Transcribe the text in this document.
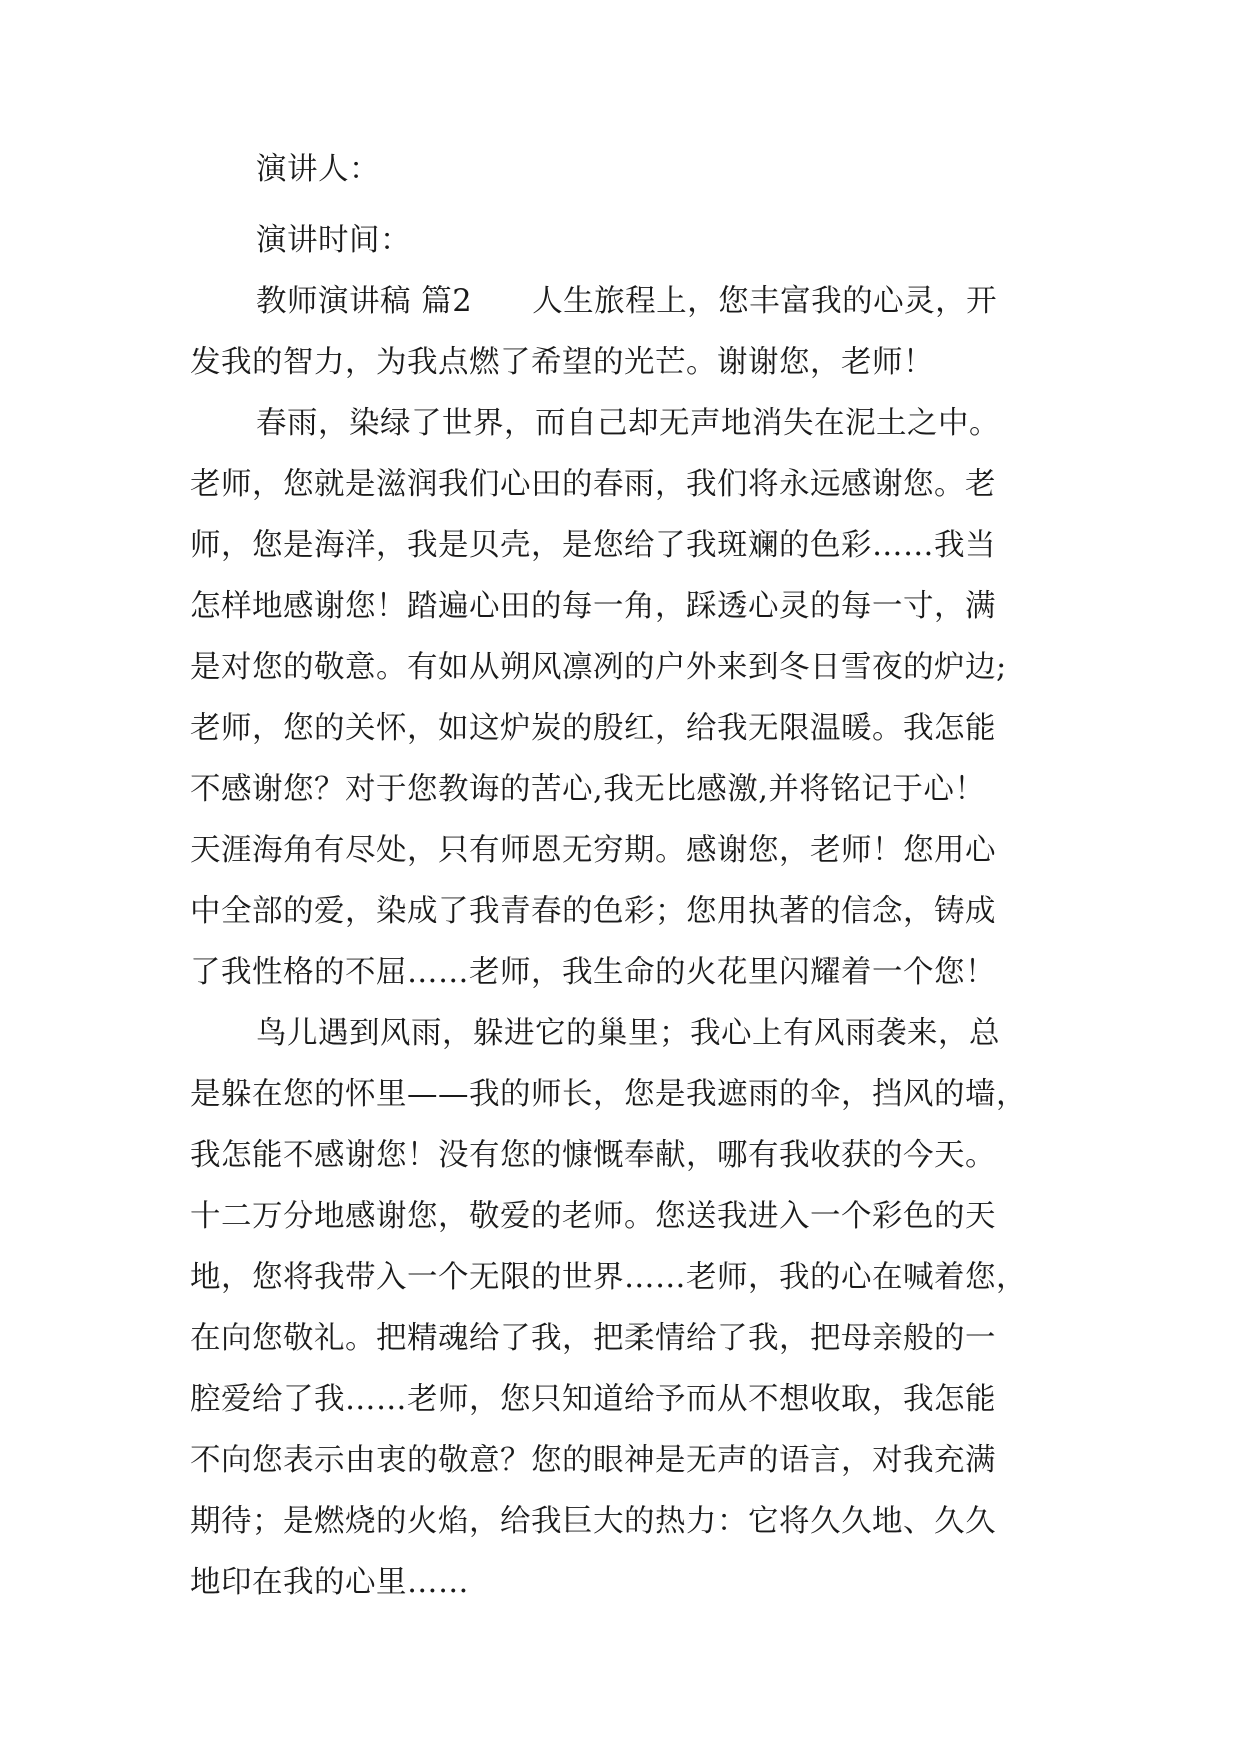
演讲人：
演讲时间：
教师演讲稿 篇2 人生旅程上，您丰富我的心灵，开
发我的智力，为我点燃了希望的光芒。谢谢您，老师！
春雨，染绿了世界，而自己却无声地消失在泥土之中。
老师，您就是滋润我们心田的春雨，我们将永远感谢您。老
师，您是海洋，我是贝壳，是您给了我斑斓的色彩……我当
怎样地感谢您！踏遍心田的每一角，踩透心灵的每一寸，满
是对您的敬意。有如从朔风凛冽的户外来到冬日雪夜的炉边;
老师，您的关怀，如这炉炭的殷红，给我无限温暖。我怎能
不感谢您？对于您教诲的苦心,我无比感激,并将铭记于心！
天涯海角有尽处，只有师恩无穷期。感谢您，老师！您用心
中全部的爱，染成了我青春的色彩；您用执著的信念，铸成
了我性格的不屈……老师，我生命的火花里闪耀着一个您！
鸟儿遇到风雨，躲进它的巢里；我心上有风雨袭来，总
是躲在您的怀里——我的师长，您是我遮雨的伞，挡风的墙，
我怎能不感谢您！没有您的慷慨奉献，哪有我收获的今天。
十二万分地感谢您，敬爱的老师。您送我进入一个彩色的天
地，您将我带入一个无限的世界……老师，我的心在喊着您，
在向您敬礼。把精魂给了我，把柔情给了我，把母亲般的一
腔爱给了我……老师，您只知道给予而从不想收取，我怎能
不向您表示由衷的敬意？您的眼神是无声的语言，对我充满
期待；是燃烧的火焰，给我巨大的热力：它将久久地、久久
地印在我的心里……
